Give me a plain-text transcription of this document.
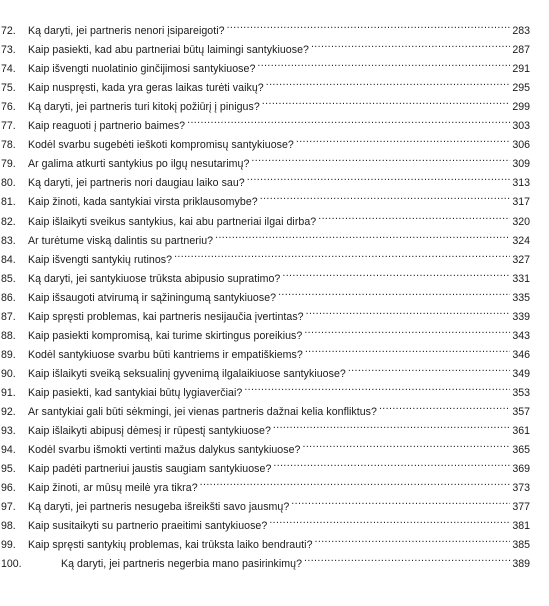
72.	Ką daryti, jei partneris nenori įsipareigoti? .....	283
73.	Kaip pasiekti, kad abu partneriai būtų laimingi santykiuose? .....	287
74.	Kaip išvengti nuolatinio ginčijimosi santykiuose? .....	291
75.	Kaip nuspręsti, kada yra geras laikas turėti vaikų? .....	295
76.	Ką daryti, jei partneris turi kitokį požiūrį į pinigus? .....	299
77.	Kaip reaguoti į partnerio baimes? .....	303
78.	Kodėl svarbu sugebėti ieškoti kompromisų santykiuose? .....	306
79.	Ar galima atkurti santykius po ilgų nesutarimų? .....	309
80.	Ką daryti, jei partneris nori daugiau laiko sau? .....	313
81.	Kaip žinoti, kada santykiai virsta priklausomybe? .....	317
82.	Kaip išlaikyti sveikus santykius, kai abu partneriai ilgai dirba? .....	320
83.	Ar turėtume viską dalintis su partneriu? .....	324
84.	Kaip išvengti santykių rutinos? .....	327
85.	Ką daryti, jei santykiuose trūksta abipusio supratimo? .....	331
86.	Kaip išsaugoti atvirumą ir sąžiningumą santykiuose? .....	335
87.	Kaip spręsti problemas, kai partneris nesijaučia įvertintas? .....	339
88.	Kaip pasiekti kompromisą, kai turime skirtingus poreikius? .....	343
89.	Kodėl santykiuose svarbu būti kantriems ir empatiškiems? .....	346
90.	Kaip išlaikyti sveiką seksualinį gyvenimą ilgalaikiuose santykiuose? .....	349
91.	Kaip pasiekti, kad santykiai būtų lygiaverčiai? .....	353
92.	Ar santykiai gali būti sėkmingi, jei vienas partneris dažnai kelia konfliktus? .....	357
93.	Kaip išlaikyti abipusį dėmesį ir rūpestį santykiuose? .....	361
94.	Kodėl svarbu išmokti vertinti mažus dalykus santykiuose? .....	365
95.	Kaip padėti partneriui jaustis saugiam santykiuose? .....	369
96.	Kaip žinoti, ar mūsų meilė yra tikra? .....	373
97.	Ką daryti, jei partneris nesugeba išreikšti savo jausmų? .....	377
98.	Kaip susitaikyti su partnerio praeitimi santykiuose? .....	381
99.	Kaip spręsti santykių problemas, kai trūksta laiko bendrauti? .....	385
100.	Ką daryti, jei partneris negerbia mano pasirinkimų? .....	389
